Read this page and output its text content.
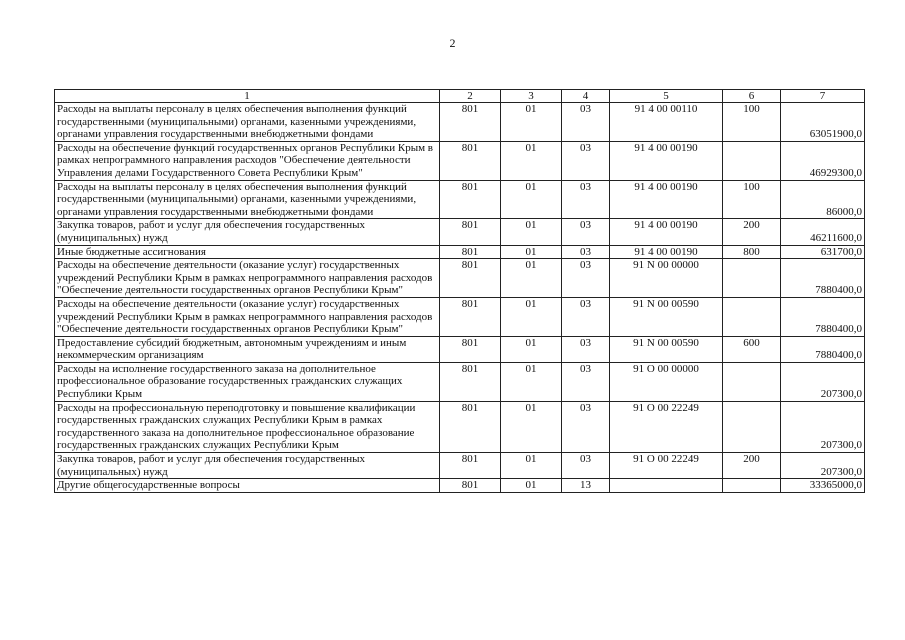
2
1	2	3	4	5	6	7
Расходы на выплаты персоналу в целях обеспечения выполнения функций государственными (муниципальными) органами, казенными учреждениями, органами управления государственными внебюджетными фондами	801	01	03	91 4 00 00110	100	63051900,0
Расходы на обеспечение функций государственных органов Республики Крым в рамках непрограммного направления расходов "Обеспечение деятельности Управления делами Государственного Совета Республики Крым"	801	01	03	91 4 00 00190		46929300,0
Расходы на выплаты персоналу в целях обеспечения выполнения функций государственными (муниципальными) органами, казенными учреждениями, органами управления государственными внебюджетными фондами	801	01	03	91 4 00 00190	100	86000,0
Закупка товаров, работ и услуг для обеспечения государственных (муниципальных) нужд	801	01	03	91 4 00 00190	200	46211600,0
Иные бюджетные ассигнования	801	01	03	91 4 00 00190	800	631700,0
Расходы на обеспечение деятельности (оказание услуг) государственных учреждений Республики Крым в рамках непрограммного направления расходов "Обеспечение деятельности государственных органов Республики Крым"	801	01	03	91 N 00 00000		7880400,0
Расходы на обеспечение деятельности (оказание услуг) государственных учреждений Республики Крым в рамках непрограммного направления расходов "Обеспечение деятельности государственных органов Республики Крым"	801	01	03	91 N 00 00590		7880400,0
Предоставление субсидий бюджетным, автономным учреждениям и иным некоммерческим организациям	801	01	03	91 N 00 00590	600	7880400,0
Расходы на исполнение государственного заказа на дополнительное профессиональное образование государственных гражданских служащих Республики Крым	801	01	03	91 O 00 00000		207300,0
Расходы на профессиональную переподготовку и повышение квалификации государственных гражданских служащих Республики Крым в рамках государственного заказа на дополнительное профессиональное образование государственных гражданских служащих Республики Крым	801	01	03	91 O 00 22249		207300,0
Закупка товаров, работ и услуг для обеспечения государственных (муниципальных) нужд	801	01	03	91 O 00 22249	200	207300,0
Другие общегосударственные вопросы	801	01	13			33365000,0
